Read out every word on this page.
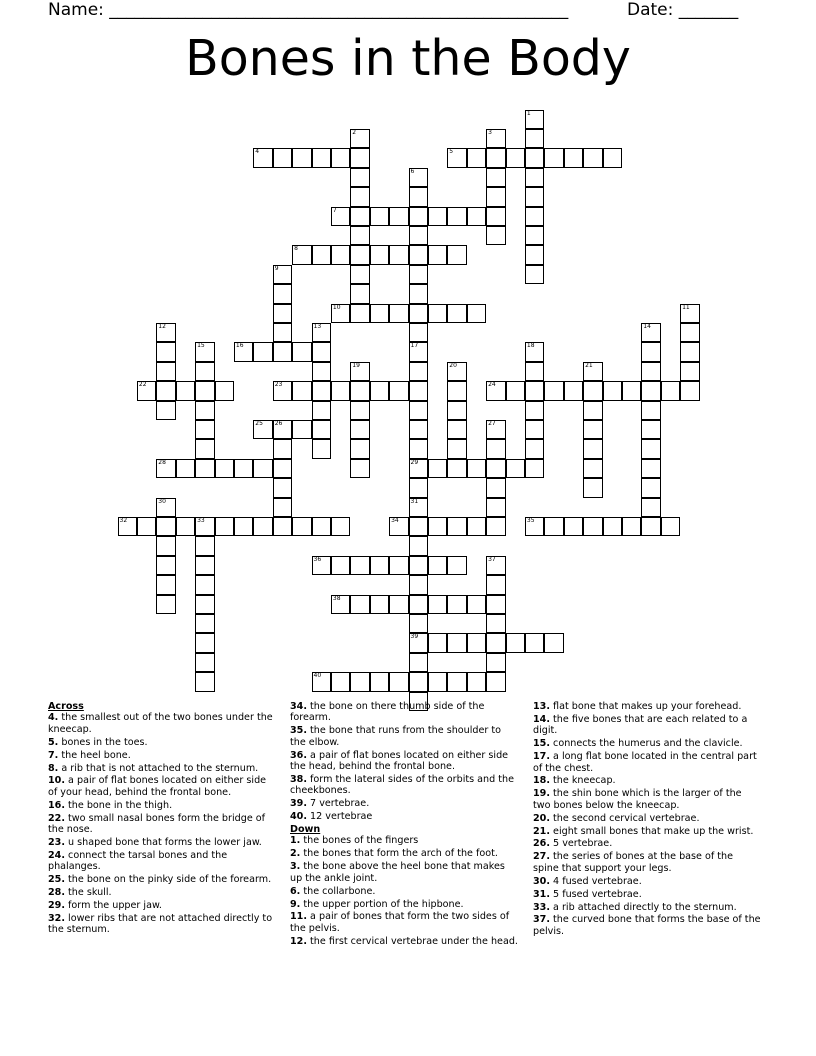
Name: ______________________________________________________	Date: _______
Bones in the Body
1
2	3
4	5
6
7
8
9
10	11
12	13	14
15	16	17
29
31
39
18
19	20	21
22	23	24
25 26	27
28
30
32	33	34	35
36	37
38
40
Across
4. the smallest out of the two bones under the kneecap.
5. bones in the toes.
7. the heel bone.
8. a rib that is not attached to the sternum.
10. a pair of flat bones located on either side of your head, behind the frontal bone.
16. the bone in the thigh.
22. two small nasal bones form the bridge of the nose.
23. u shaped bone that forms the lower jaw.
24. connect the tarsal bones and the phalanges.
25. the bone on the pinky side of the forearm.
28. the skull.
29. form the upper jaw.
32. lower ribs that are not attached directly to the sternum.
34. the bone on there thumb side of the forearm.
35. the bone that runs from the shoulder to the elbow.
36. a pair of flat bones located on either side the head, behind the frontal bone.
38. form the lateral sides of the orbits and the cheekbones.
39. 7 vertebrae.
40. 12 vertebrae
Down
1. the bones of the fingers
2. the bones that form the arch of the foot.
3. the bone above the heel bone that makes up the ankle joint.
6. the collarbone.
9. the upper portion of the hipbone.
11. a pair of bones that form the two sides of the pelvis.
12. the first cervical vertebrae under the head.
13. flat bone that makes up your forehead.
14. the five bones that are each related to a digit.
15. connects the humerus and the clavicle.
17. a long flat bone located in the central part of the chest.
18. the kneecap.
19. the shin bone which is the larger of the two bones below the kneecap.
20. the second cervical vertebrae.
21. eight small bones that make up the wrist.
26. 5 vertebrae.
27. the series of bones at the base of the spine that support your legs.
30. 4 fused vertebrae.
31. 5 fused vertebrae.
33. a rib attached directly to the sternum.
37. the curved bone that forms the base of the pelvis.
